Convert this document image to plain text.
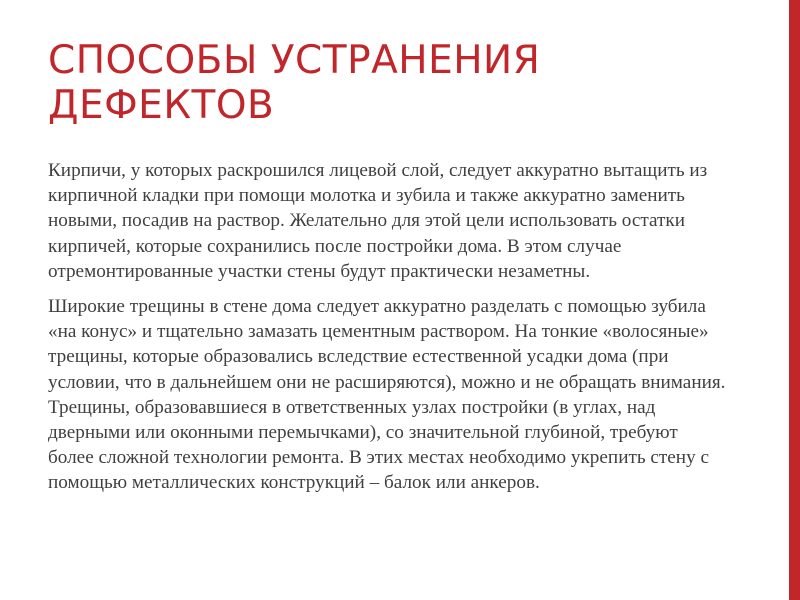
СПОСОБЫ УСТРАНЕНИЯ
ДЕФЕКТОВ

Кирпичи, у которых раскрошился лицевой слой, следует аккуратно вытащить из кирпичной кладки при помощи молотка и зубила и также аккуратно заменить новыми, посадив на раствор. Желательно для этой цели использовать остатки кирпичей, которые сохранились после постройки дома. В этом случае отремонтированные участки стены будут практически незаметны.

Широкие трещины в стене дома следует аккуратно разделать с помощью зубила «на конус» и тщательно замазать цементным раствором. На тонкие «волосяные» трещины, которые образовались вследствие естественной усадки дома (при условии, что в дальнейшем они не расширяются), можно и не обращать внимания. Трещины, образовавшиеся в ответственных узлах постройки (в углах, над дверными или оконными перемычками), со значительной глубиной, требуют более сложной технологии ремонта. В этих местах необходимо укрепить стену с помощью металлических конструкций – балок или анкеров.
